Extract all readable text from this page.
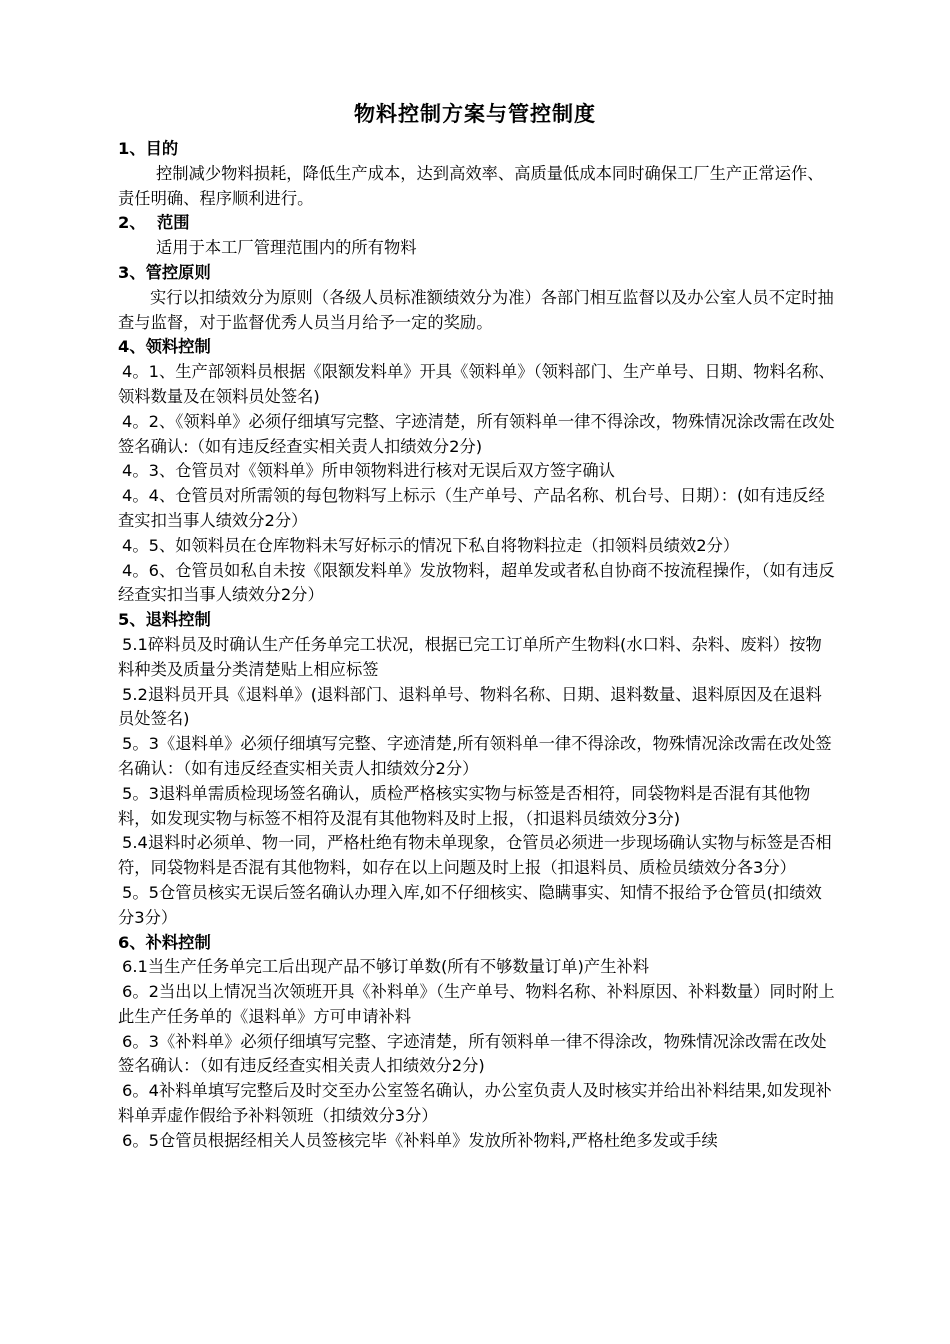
物料控制方案与管控制度

1、目的

控制减少物料损耗，降低生产成本，达到高效率、高质量低成本同时确保工厂生产正常运作、责任明确、程序顺利进行。

2、  范围

适用于本工厂管理范围内的所有物料

3、管控原则

实行以扣绩效分为原则（各级人员标准额绩效分为准）各部门相互监督以及办公室人员不定时抽查与监督，对于监督优秀人员当月给予一定的奖励。

4、领料控制

4。1、生产部领料员根据《限额发料单》开具《领料单》（领料部门、生产单号、日期、物料名称、领料数量及在领料员处签名)

4。2、《领料单》必须仔细填写完整、字迹清楚，所有领料单一律不得涂改，物殊情况涂改需在改处签名确认:（如有违反经查实相关责人扣绩效分2分)

4。3、仓管员对《领料单》所申领物料进行核对无误后双方签字确认

4。4、仓管员对所需领的每包物料写上标示（生产单号、产品名称、机台号、日期）：(如有违反经查实扣当事人绩效分2分）

4。5、如领料员在仓库物料未写好标示的情况下私自将物料拉走（扣领料员绩效2分）

4。6、仓管员如私自未按《限额发料单》发放物料，超单发或者私自协商不按流程操作，（如有违反经查实扣当事人绩效分2分）

5、退料控制

5.1碎料员及时确认生产任务单完工状况，根据已完工订单所产生物料(水口料、杂料、废料）按物料种类及质量分类清楚贴上相应标签

5.2退料员开具《退料单》(退料部门、退料单号、物料名称、日期、退料数量、退料原因及在退料员处签名)

5。3《退料单》必须仔细填写完整、字迹清楚,所有领料单一律不得涂改，物殊情况涂改需在改处签名确认：（如有违反经查实相关责人扣绩效分2分）

5。3退料单需质检现场签名确认，质检严格核实实物与标签是否相符，同袋物料是否混有其他物料，如发现实物与标签不相符及混有其他物料及时上报，（扣退料员绩效分3分)

5.4退料时必须单、物一同，严格杜绝有物未单现象，仓管员必须进一步现场确认实物与标签是否相符，同袋物料是否混有其他物料，如存在以上问题及时上报（扣退料员、质检员绩效分各3分）

5。5仓管员核实无误后签名确认办理入库,如不仔细核实、隐瞒事实、知情不报给予仓管员(扣绩效分3分）

6、补料控制

6.1当生产任务单完工后出现产品不够订单数(所有不够数量订单)产生补料

6。2当出以上情况当次领班开具《补料单》（生产单号、物料名称、补料原因、补料数量）同时附上此生产任务单的《退料单》方可申请补料

6。3《补料单》必须仔细填写完整、字迹清楚，所有领料单一律不得涂改，物殊情况涂改需在改处签名确认：（如有违反经查实相关责人扣绩效分2分)

6。4补料单填写完整后及时交至办公室签名确认，办公室负责人及时核实并给出补料结果,如发现补料单弄虚作假给予补料领班（扣绩效分3分）

6。5仓管员根据经相关人员签核完毕《补料单》发放所补物料,严格杜绝多发或手续
